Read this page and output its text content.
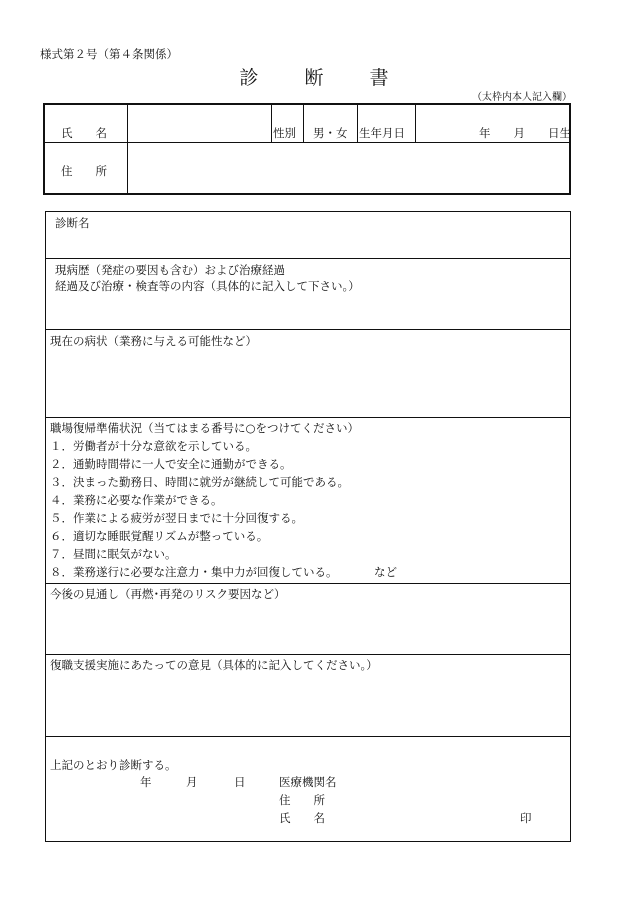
様式第２号（第４条関係）
診 断 書
（太枠内本人記入欄）
氏　　名	性別 男・女 生年月日	年　　月　　日生
住　　所
診断名
現病歴（発症の要因も含む）および治療経過
経過及び治療・検査等の内容（具体的に記入して下さい。）
現在の病状（業務に与える可能性など）
職場復帰準備状況（当てはまる番号に○をつけてください）
１．労働者が十分な意欲を示している。
２．通勤時間帯に一人で安全に通勤ができる。
３．決まった勤務日、時間に就労が継続して可能である。
４．業務に必要な作業ができる。
５．作業による疲労が翌日までに十分回復する。
６．適切な睡眠覚醒リズムが整っている。
７．昼間に眠気がない。
８．業務遂行に必要な注意力・集中力が回復している。	など
今後の見通し（再燃･再発のリスク要因など）
復職支援実施にあたっての意見（具体的に記入してください。）
上記のとおり診断する。
年	月	日	医療機関名
住　　所
氏　　名	印
